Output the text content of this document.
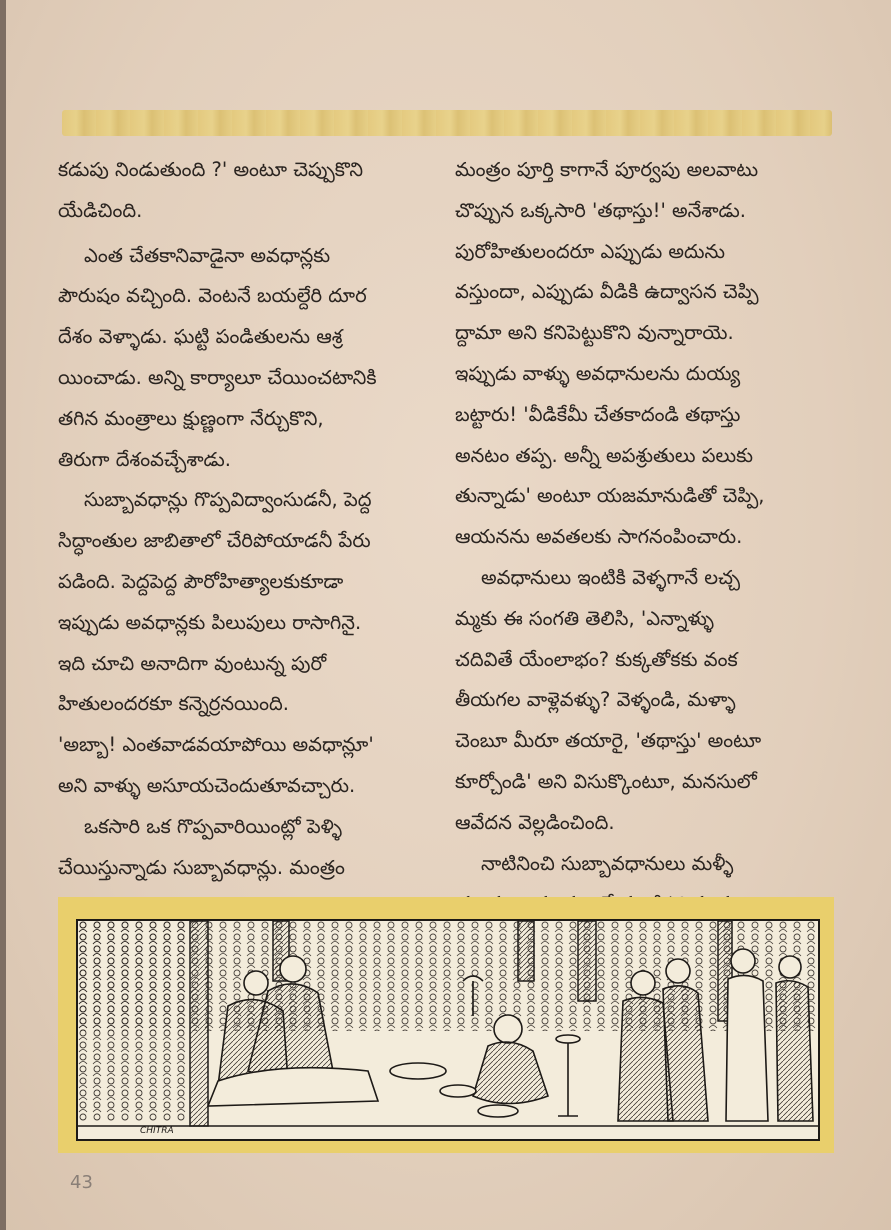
కడుపు నిండుతుంది ?' అంటూ చెప్పుకొని
యేడిచింది.
ఎంత చేతకానివాడైనా అవధాన్లకు
పౌరుషం వచ్చింది. వెంటనే బయల్దేరి దూర
దేశం వెళ్ళాడు. ఘట్టి పండితులను ఆశ్ర
యించాడు. అన్ని కార్యాలూ చేయించటానికి
తగిన మంత్రాలు క్షుణ్ణంగా నేర్చుకొని,
తిరుగా దేశంవచ్చేశాడు.
సుబ్బావధాన్లు గొప్పవిద్వాంసుడనీ, పెద్ద
సిద్ధాంతుల జాబితాలో చేరిపోయాడనీ పేరు
పడింది. పెద్దపెద్ద పౌరోహిత్యాలకుకూడా
ఇప్పుడు అవధాన్లకు పిలుపులు రాసాగినై.
ఇది చూచి అనాదిగా వుంటున్న పురో
హితులందరకూ కన్నెర్రనయింది.
'అబ్బా! ఎంతవాడవయాపోయి అవధాన్లూ'
అని వాళ్ళు అసూయచెందుతూవచ్చారు.
ఒకసారి ఒక గొప్పవారియింట్లో పెళ్ళి
చేయిస్తున్నాడు సుబ్బావధాన్లు. మంత్రం
మంత్రం పూర్తి కాగానే పూర్వపు అలవాటు
చొప్పున ఒక్కసారి 'తథాస్తు!' అనేశాడు.
పురోహితులందరూ ఎప్పుడు అదును
వస్తుందా, ఎప్పుడు వీడికి ఉద్వాసన చెప్పి
ద్దామా అని కనిపెట్టుకొని వున్నారాయె.
ఇప్పుడు వాళ్ళు అవధానులను దుయ్య
బట్టారు! 'వీడికేమీ చేతకాదండి తథాస్తు
అనటం తప్ప. అన్నీ అపశ్రుతులు పలుకు
తున్నాడు' అంటూ యజమానుడితో చెప్పి,
ఆయనను అవతలకు సాగనంపించారు.
అవధానులు ఇంటికి వెళ్ళగానే లచ్చ
మ్మకు ఈ సంగతి తెలిసి, 'ఎన్నాళ్ళు
చదివితే యేంలాభం? కుక్కతోకకు వంక
తీయగల వాళ్లెవళ్ళు? వెళ్ళండి, మళ్ళా
చెంబూ మీరూ తయారై, 'తథాస్తు' అంటూ
కూర్చోండి' అని విసుక్కొంటూ, మనసులో
ఆవేదన వెల్లడించింది.
నాటినించి సుబ్బావధానులు మళ్ళీ
CHITRA
43
